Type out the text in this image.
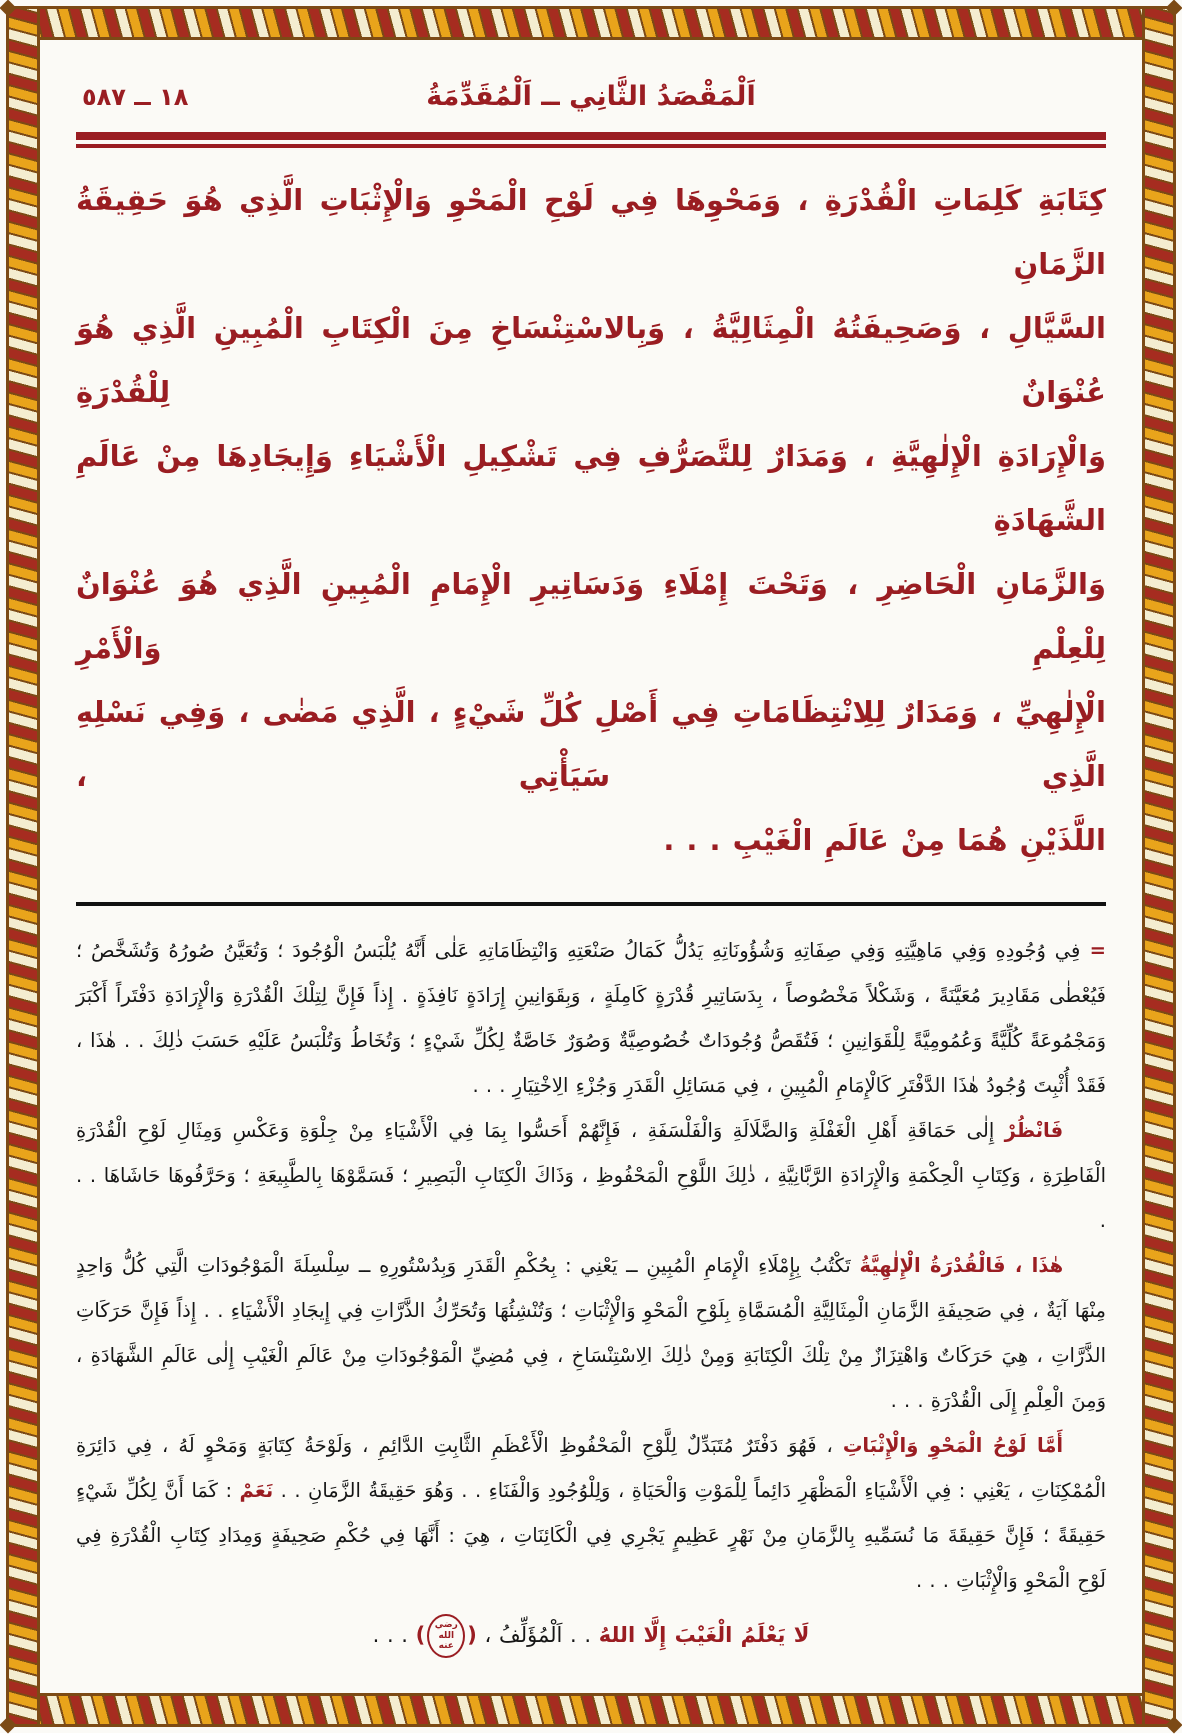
١٨ ــ ٥٨٧	اَلْمَقْصَدُ الثَّانِي ــ اَلْمُقَدِّمَةُ
كِتَابَةِ كَلِمَاتِ الْقُدْرَةِ ، وَمَحْوِهَا فِي لَوْحِ الْمَحْوِ وَالْإِثْبَاتِ الَّذِي هُوَ حَقِيقَةُ الزَّمَانِ
السَّيَّالِ ، وَصَحِيفَتُهُ الْمِثَالِيَّةُ ، وَبِالاسْتِنْسَاخِ مِنَ الْكِتَابِ الْمُبِينِ الَّذِي هُوَ عُنْوَانٌ لِلْقُدْرَةِ
وَالْإِرَادَةِ الْإِلٰهِيَّةِ ، وَمَدَارٌ لِلتَّصَرُّفِ فِي تَشْكِيلِ الْأَشْيَاءِ وَإِيجَادِهَا مِنْ عَالَمِ الشَّهَادَةِ
وَالزَّمَانِ الْحَاضِرِ ، وَتَحْتَ إِمْلَاءِ وَدَسَاتِيرِ الْإِمَامِ الْمُبِينِ الَّذِي هُوَ عُنْوَانٌ لِلْعِلْمِ وَالْأَمْرِ
الْإِلٰهِيِّ ، وَمَدَارٌ لِلِانْتِظَامَاتِ فِي أَصْلِ كُلِّ شَيْءٍ ، الَّذِي مَضٰى ، وَفِي نَسْلِهِ الَّذِي سَيَأْتِي ،
اللَّذَيْنِ هُمَا مِنْ عَالَمِ الْغَيْبِ . . .

= فِي وُجُودِهِ وَفِي مَاهِيَّتِهِ وَفِي صِفَاتِهِ وَشُؤُونَاتِهِ يَدُلُّ كَمَالُ صَنْعَتِهِ وَانْتِظَامَاتِهِ عَلٰى أَنَّهُ يُلْبَسُ الْوُجُودَ ؛ وَتُعَيَّنُ صُورُهُ وَتُشَخَّصُ ؛ فَيُعْطٰى مَقَادِيرَ مُعَيَّنَةً ، وَشَكْلاً مَخْصُوصاً ، بِدَسَاتِيرِ قُدْرَةٍ كَامِلَةٍ ، وَبِقَوَانِينِ إِرَادَةٍ نَافِذَةٍ . إِذاً فَإِنَّ لِتِلْكَ الْقُدْرَةِ وَالْإِرَادَةِ دَفْتَراً أَكْبَرَ وَمَجْمُوعَةً كُلِّيَّةً وَعُمُومِيَّةً لِلْقَوَانِينِ ؛ فَتُقَصُّ وُجُودَاتٌ خُصُوصِيَّةٌ وَصُوَرٌ خَاصَّةٌ لِكُلِّ شَيْءٍ ؛ وَتُخَاطُ وَتُلْبَسُ عَلَيْهِ حَسَبَ ذٰلِكَ . . هٰذَا ، فَقَدْ أُثْبِتَ وُجُودُ هٰذَا الدَّفْتَرِ كَالْإِمَامِ الْمُبِينِ ، فِي مَسَائِلِ الْقَدَرِ وَجُزْءِ الِاخْتِيَارِ . . .

فَانْظُرْ إِلٰى حَمَاقَةِ أَهْلِ الْغَفْلَةِ وَالضَّلَالَةِ وَالْفَلْسَفَةِ ، فَإِنَّهُمْ أَحَسُّوا بِمَا فِي الْأَشْيَاءِ مِنْ جِلْوَةِ وَعَكْسِ وَمِثَالِ لَوْحِ الْقُدْرَةِ الْفَاطِرَةِ ، وَكِتَابِ الْحِكْمَةِ وَالْإِرَادَةِ الرَّبَّانِيَّةِ ، ذٰلِكَ اللَّوْحِ الْمَحْفُوظِ ، وَذَاكَ الْكِتَابِ الْبَصِيرِ ؛ فَسَمَّوْهَا بِالطَّبِيعَةِ ؛ وَحَرَّفُوهَا حَاشَاهَا . . .

هٰذَا ، فَالْقُدْرَةُ الْإِلٰهِيَّةُ تَكْتُبُ بِإِمْلَاءِ الْإِمَامِ الْمُبِينِ ــ يَعْنِي : بِحُكْمِ الْقَدَرِ وَبِدُسْتُورِهِ ــ سِلْسِلَةَ الْمَوْجُودَاتِ الَّتِي كُلُّ وَاحِدٍ مِنْهَا آيَةٌ ، فِي صَحِيفَةِ الزَّمَانِ الْمِثَالِيَّةِ الْمُسَمَّاةِ بِلَوْحِ الْمَحْوِ وَالْإِثْبَاتِ ؛ وَتُنْشِئُهَا وَتُحَرِّكُ الذَّرَّاتِ فِي إِيجَادِ الْأَشْيَاءِ . . إِذاً فَإِنَّ حَرَكَاتِ الذَّرَّاتِ ، هِيَ حَرَكَاتٌ وَاهْتِزَازٌ مِنْ تِلْكَ الْكِتَابَةِ وَمِنْ ذٰلِكَ الِاسْتِنْسَاخِ ، فِي مُضِيِّ الْمَوْجُودَاتِ مِنْ عَالَمِ الْغَيْبِ إِلٰى عَالَمِ الشَّهَادَةِ ، وَمِنَ الْعِلْمِ إِلَى الْقُدْرَةِ . . .

أَمَّا لَوْحُ الْمَحْوِ وَالْإِثْبَاتِ ، فَهُوَ دَفْتَرٌ مُتَبَدِّلٌ لِلَّوْحِ الْمَحْفُوظِ الْأَعْظَمِ الثَّابِتِ الدَّائِمِ ، وَلَوْحَةُ كِتَابَةٍ وَمَحْوٍ لَهُ ، فِي دَائِرَةِ الْمُمْكِنَاتِ ، يَعْنِي : فِي الْأَشْيَاءِ الْمَظْهَرِ دَائِماً لِلْمَوْتِ وَالْحَيَاةِ ، وَلِلْوُجُودِ وَالْفَنَاءِ . . وَهُوَ حَقِيقَةُ الزَّمَانِ . . نَعَمْ : كَمَا أَنَّ لِكُلِّ شَيْءٍ حَقِيقَةً ؛ فَإِنَّ حَقِيقَةَ مَا نُسَمِّيهِ بِالزَّمَانِ مِنْ نَهْرٍ عَظِيمٍ يَجْرِي فِي الْكَائِنَاتِ ، هِيَ : أَنَّهَا فِي حُكْمِ صَحِيفَةٍ وَمِدَادِ كِتَابِ الْقُدْرَةِ فِي لَوْحِ الْمَحْوِ وَالْإِثْبَاتِ . . .

لَا يَعْلَمُ الْغَيْبَ إِلَّا اللهُ . . اَلْمُؤَلِّفُ ، (رضي الله عنه) . . .
